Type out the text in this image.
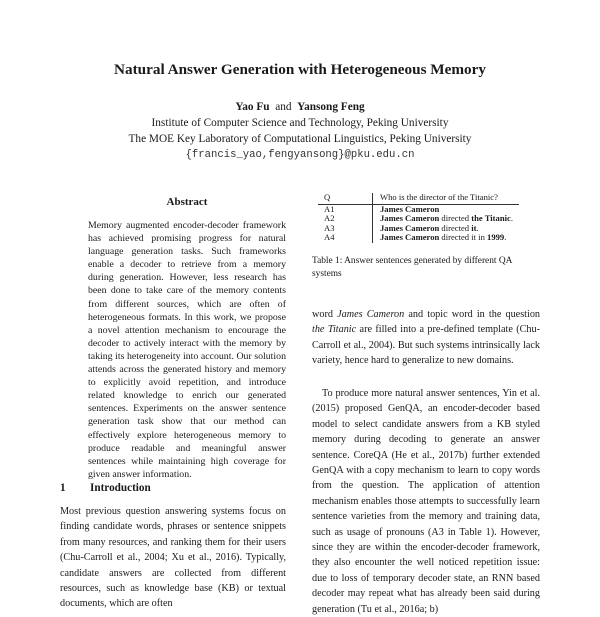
Natural Answer Generation with Heterogeneous Memory
Yao Fu and Yansong Feng
Institute of Computer Science and Technology, Peking University
The MOE Key Laboratory of Computational Linguistics, Peking University
{francis_yao,fengyansong}@pku.edu.cn
Abstract
Memory augmented encoder-decoder framework has achieved promising progress for natural language generation tasks. Such frameworks enable a decoder to retrieve from a memory during generation. However, less research has been done to take care of the memory contents from different sources, which are often of heterogeneous formats. In this work, we propose a novel attention mechanism to encourage the decoder to actively interact with the memory by taking its heterogeneity into account. Our solution attends across the generated history and memory to explicitly avoid repetition, and introduce related knowledge to enrich our generated sentences. Experiments on the answer sentence generation task show that our method can effectively explore heterogeneous memory to produce readable and meaningful answer sentences while maintaining high coverage for given answer information.
1 Introduction
Most previous question answering systems focus on finding candidate words, phrases or sentence snippets from many resources, and ranking them for their users (Chu-Carroll et al., 2004; Xu et al., 2016). Typically, candidate answers are collected from different resources, such as knowledge base (KB) or textual documents, which are often
Q	Who is the director of the Titanic?
A1	James Cameron
A2	James Cameron directed the Titanic.
A3	James Cameron directed it.
A4	James Cameron directed it in 1999.
Table 1: Answer sentences generated by different QA systems
word James Cameron and topic word in the question the Titanic are filled into a pre-defined template (Chu-Carroll et al., 2004). But such systems intrinsically lack variety, hence hard to generalize to new domains.
To produce more natural answer sentences, Yin et al. (2015) proposed GenQA, an encoder-decoder based model to select candidate answers from a KB styled memory during decoding to generate an answer sentence. CoreQA (He et al., 2017b) further extended GenQA with a copy mechanism to learn to copy words from the question. The application of attention mechanism enables those attempts to successfully learn sentence varieties from the memory and training data, such as usage of pronouns (A3 in Table 1). However, since they are within the encoder-decoder framework, they also encounter the well noticed repetition issue: due to loss of temporary decoder state, an RNN based decoder may repeat what has already been said during generation (Tu et al., 2016a; b)
